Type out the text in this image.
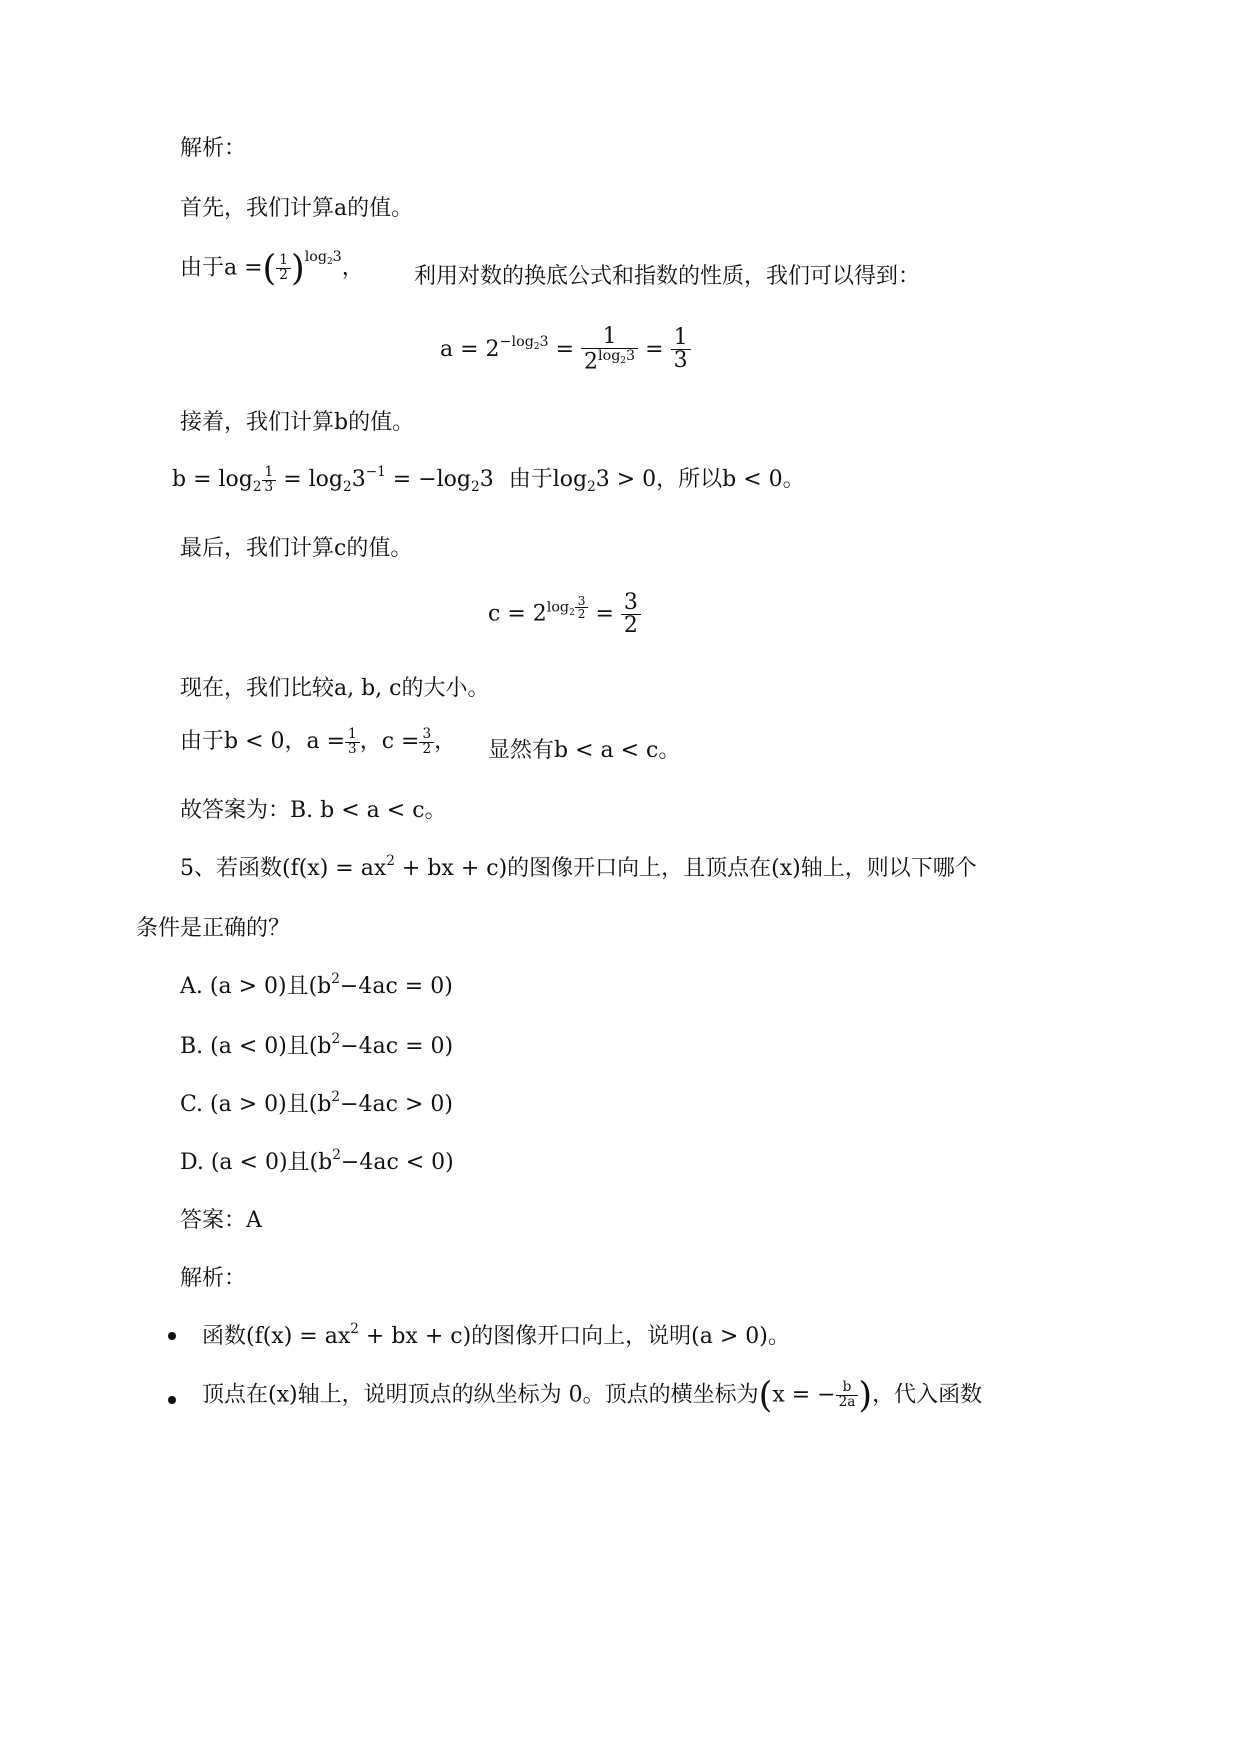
解析：
首先，我们计算a的值。
由于a =( $\frac{1}{2} )\log_23$， 利用对数的换底公式和指数的性质，我们可以得到：
$a = 2-\log_23 = \frac{1}{2^{log_23}} = \frac{1}{3}$
接着，我们计算b的值。
$b = \log_2 \frac{1}{3} = \log_23^{-1} = -\log_23$ 由于$\log_23 > 0$，所以b < 0。
最后，我们计算c的值。
$c = 2\log_2 \frac{3}{2} = \frac{3}{2}$
现在，我们比较a, b, c的大小。
由于b < 0，$a = \frac{1}{3}$ ，$c = \frac{3}{2}$ ， 显然有b < a < c。
故答案为：B. b < a < c。
5、若函数($f(x) = ax^2$ + bx + c)的图像开口向上，且顶点在(x)轴上，则以下哪个
条件是正确的？
A. (a > 0)且$(b^2-4ac = 0)$
B. (a < 0)且$(b^2-4ac = 0)$
C. (a > 0)且$(b^2-4ac > 0)$
D. (a < 0)且$(b^2-4ac < 0)$
答案：A
解析：
函数($f(x) = ax^2$ + bx + c)的图像开口向上，说明(a > 0)。
顶点在(x)轴上，说明顶点的纵坐标为 0。顶点的横坐标为(x = − $\frac{b}{2a}$ )，代入函数
